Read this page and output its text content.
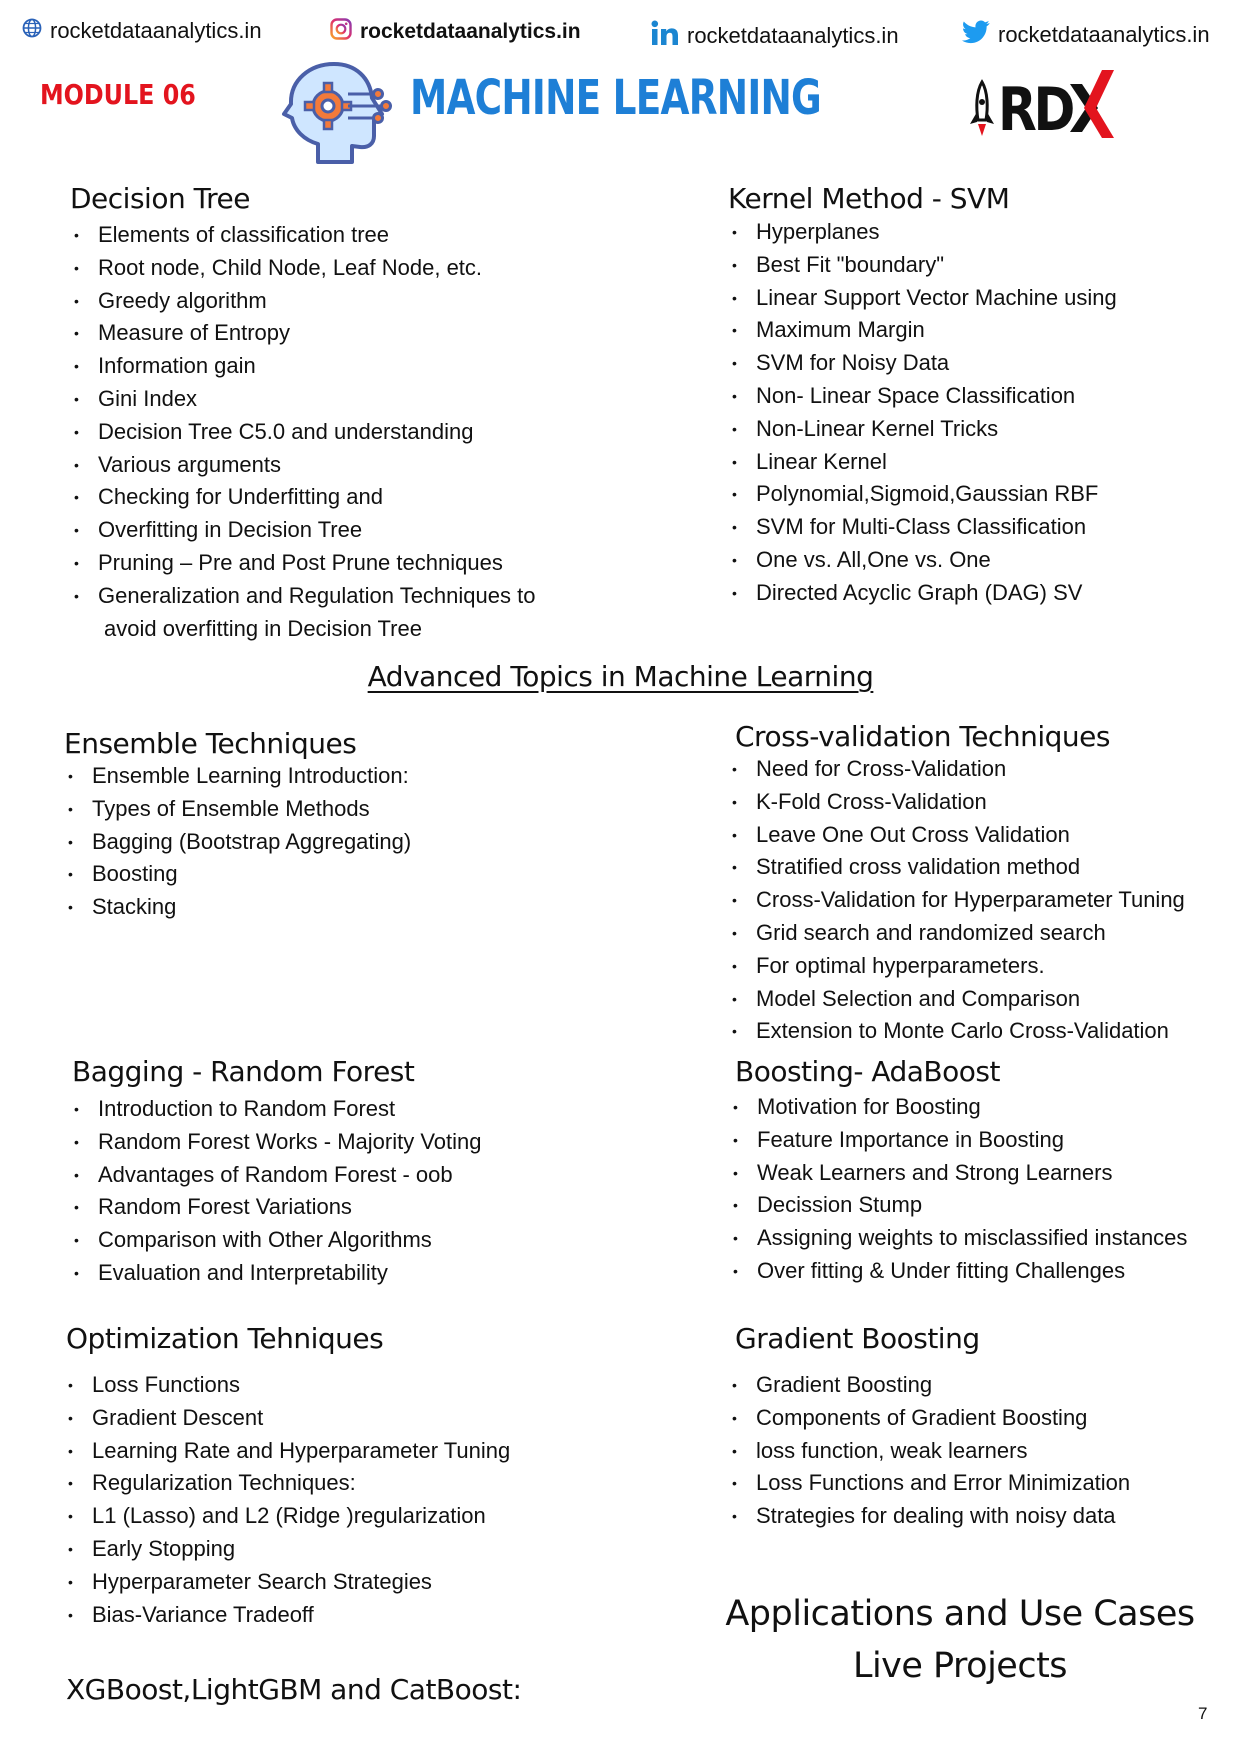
rocketdataanalytics.in	rocketdataanalytics.in	rocketdataanalytics.in	rocketdataanalytics.in
MODULE 06	MACHINE LEARNING	RD
Decision Tree
• Elements of classification tree
• Root node, Child Node, Leaf Node, etc.
• Greedy algorithm
• Measure of Entropy
• Information gain
• Gini Index
• Decision Tree C5.0 and understanding
• Various arguments
• Checking for Underfitting and
• Overfitting in Decision Tree
• Pruning – Pre and Post Prune techniques
• Generalization and Regulation Techniques to
avoid overfitting in Decision Tree
Kernel Method - SVM
• Hyperplanes
• Best Fit "boundary"
• Linear Support Vector Machine using
• Maximum Margin
• SVM for Noisy Data
• Non- Linear Space Classification
• Non-Linear Kernel Tricks
• Linear Kernel
• Polynomial,Sigmoid,Gaussian RBF
• SVM for Multi-Class Classification
• One vs. All,One vs. One
• Directed Acyclic Graph (DAG) SV
Advanced Topics in Machine Learning
Ensemble Techniques
• Ensemble Learning Introduction:
• Types of Ensemble Methods
• Bagging (Bootstrap Aggregating)
• Boosting
• Stacking
Cross-validation Techniques
• Need for Cross-Validation
• K-Fold Cross-Validation
• Leave One Out Cross Validation
• Stratified cross validation method
• Cross-Validation for Hyperparameter Tuning
• Grid search and randomized search
• For optimal hyperparameters.
• Model Selection and Comparison
• Extension to Monte Carlo Cross-Validation
Bagging - Random Forest
• Introduction to Random Forest
• Random Forest Works - Majority Voting
• Advantages of Random Forest - oob
• Random Forest Variations
• Comparison with Other Algorithms
• Evaluation and Interpretability
Boosting- AdaBoost
• Motivation for Boosting
• Feature Importance in Boosting
• Weak Learners and Strong Learners
• Decission Stump
• Assigning weights to misclassified instances
• Over fitting & Under fitting Challenges
Optimization Tehniques
• Loss Functions
• Gradient Descent
• Learning Rate and Hyperparameter Tuning
• Regularization Techniques:
• L1 (Lasso) and L2 (Ridge )regularization
• Early Stopping
• Hyperparameter Search Strategies
• Bias-Variance Tradeoff
Gradient Boosting
• Gradient Boosting
• Components of Gradient Boosting
• loss function, weak learners
• Loss Functions and Error Minimization
• Strategies for dealing with noisy data
XGBoost,LightGBM and CatBoost:
Applications and Use Cases
Live Projects
7
